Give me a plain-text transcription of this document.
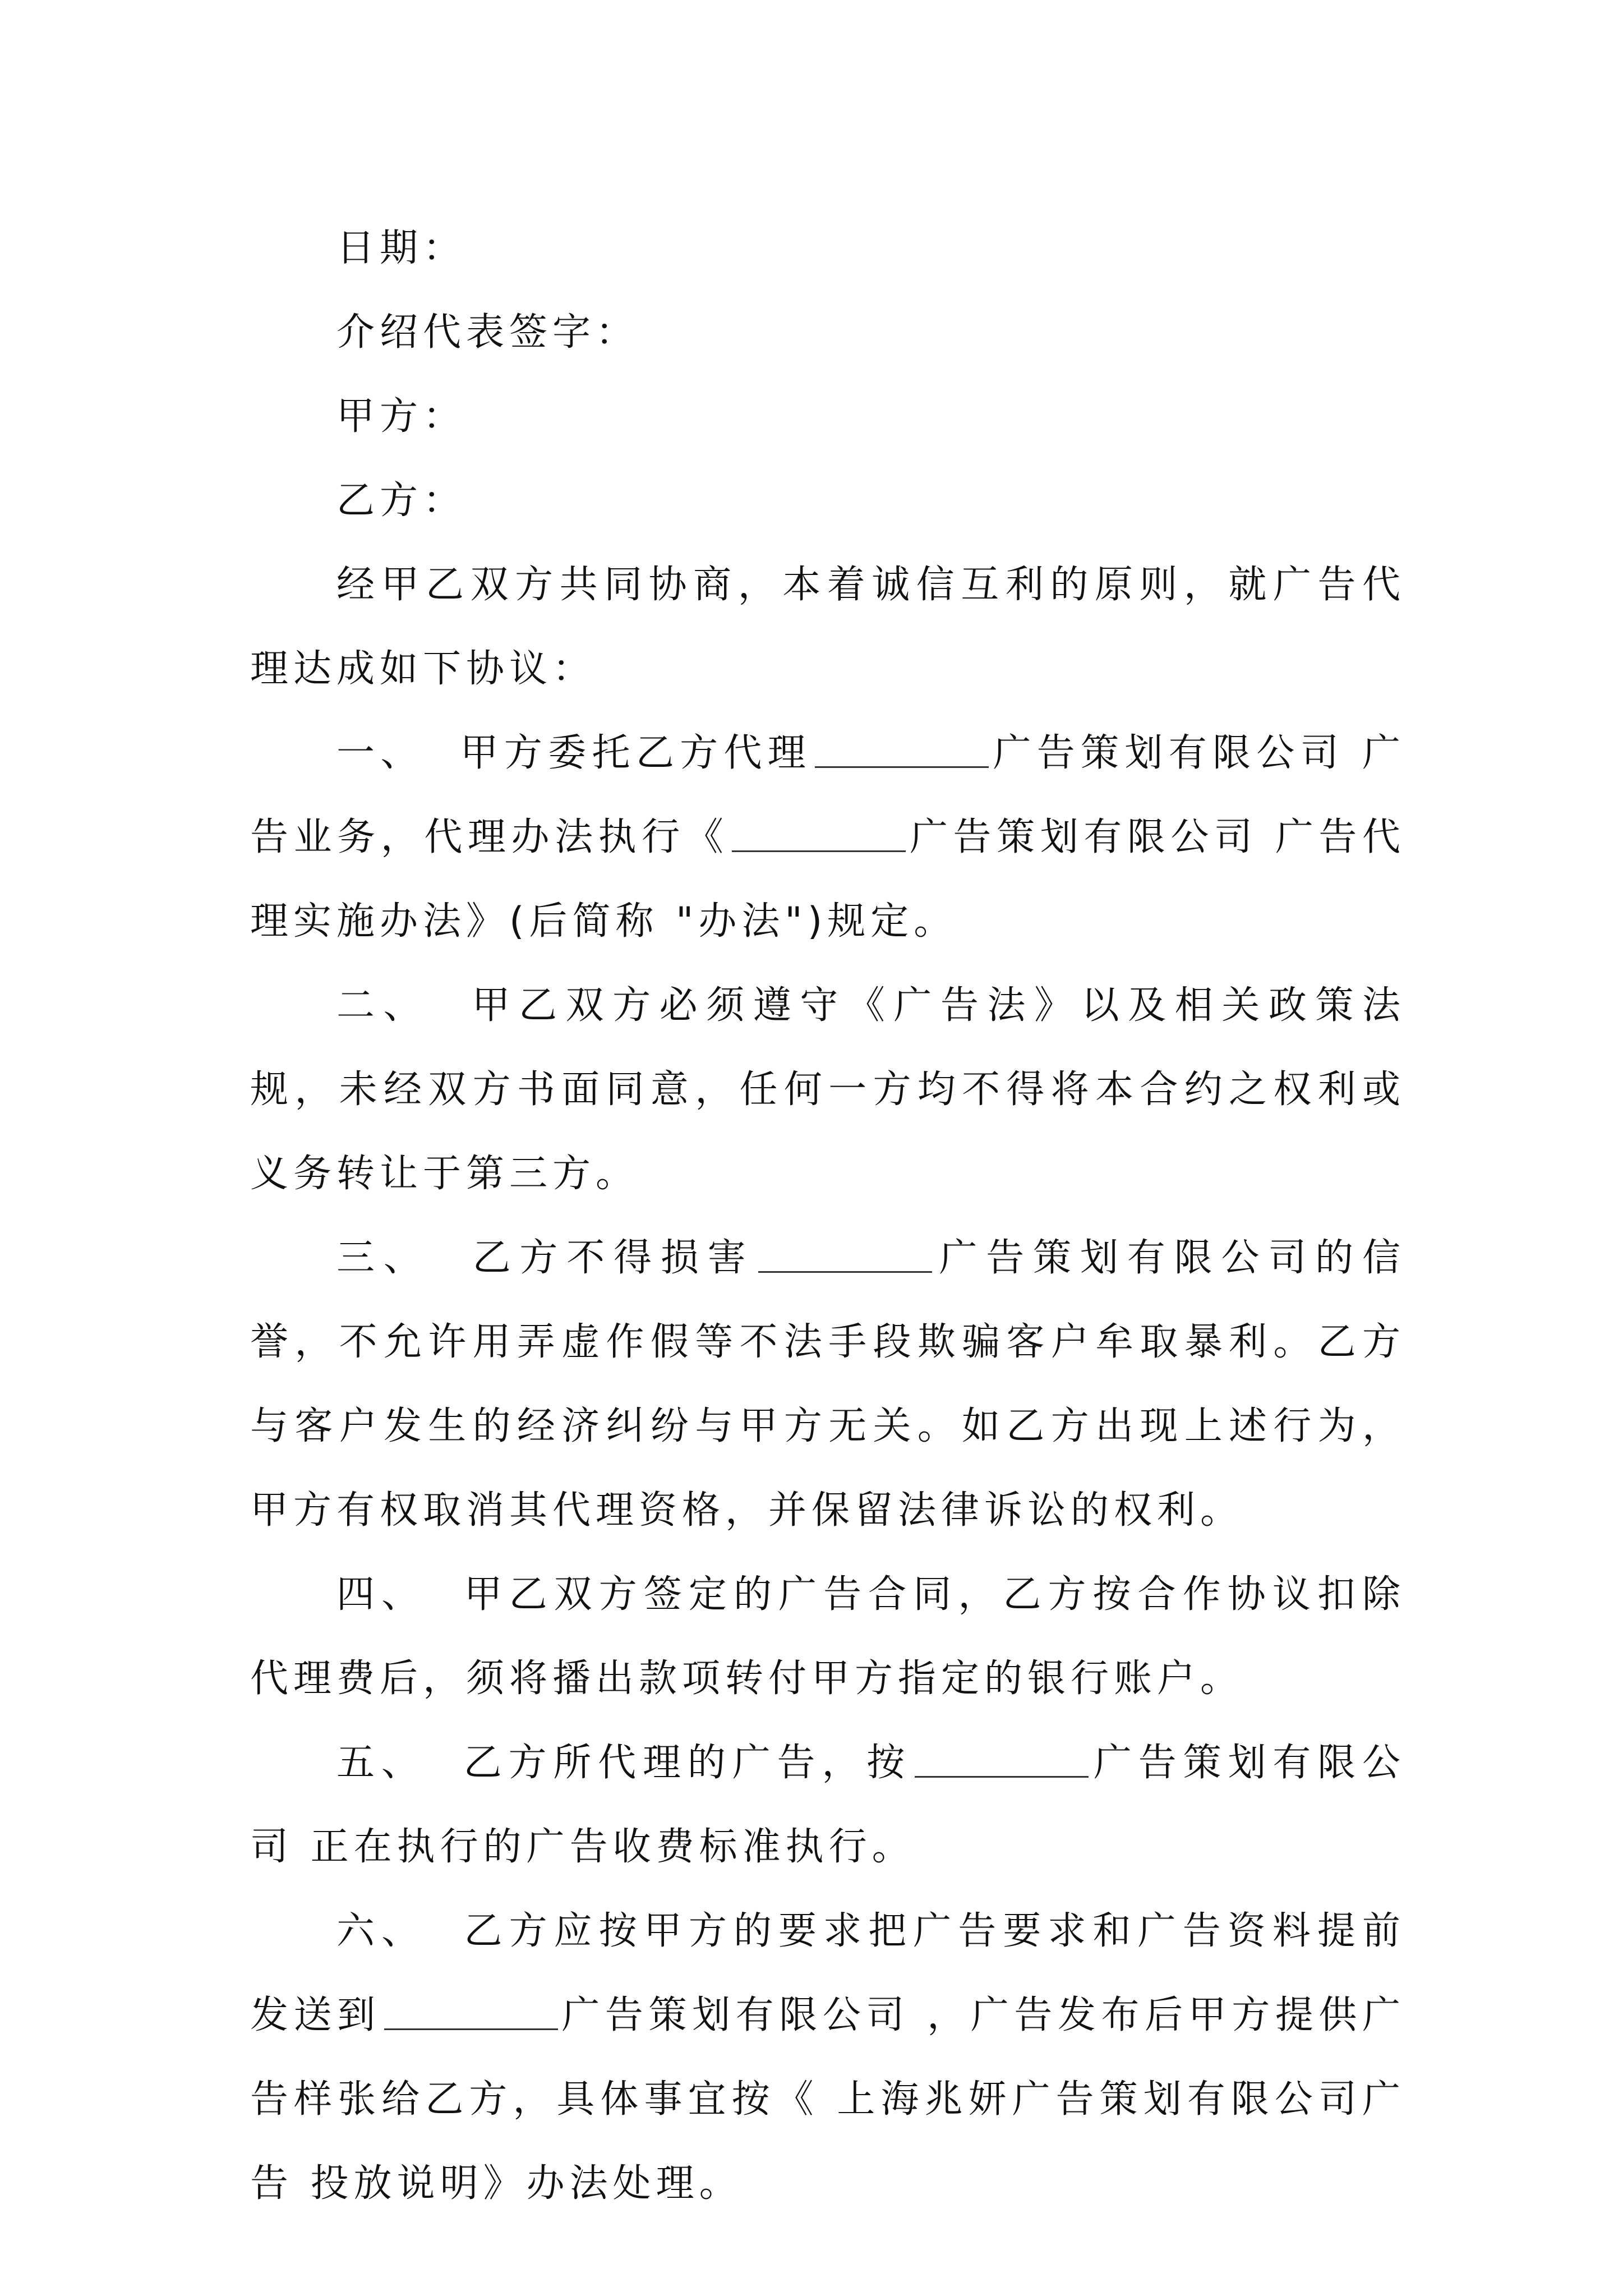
日期：

介绍代表签字：

甲方：

乙方：

经甲乙双方共同协商，本着诚信互利的原则，就广告代理达成如下协议：

一、 甲方委托乙方代理	广告策划有限公司 广告业务，代理办法执行《	广告策划有限公司 广告代理实施办法》(后简称 "办法")规定。

二、 甲乙双方必须遵守《广告法》以及相关政策法规，未经双方书面同意，任何一方均不得将本合约之权利或义务转让于第三方。

三、 乙方不得损害	广告策划有限公司的信誉，不允许用弄虚作假等不法手段欺骗客户牟取暴利。乙方与客户发生的经济纠纷与甲方无关。如乙方出现上述行为，甲方有权取消其代理资格，并保留法律诉讼的权利。

四、 甲乙双方签定的广告合同，乙方按合作协议扣除代理费后，须将播出款项转付甲方指定的银行账户。

五、 乙方所代理的广告，按	广告策划有限公司 正在执行的广告收费标准执行。

六、 乙方应按甲方的要求把广告要求和广告资料提前发送到	广告策划有限公司 ，广告发布后甲方提供广告样张给乙方，具体事宜按《 上海兆妍广告策划有限公司广告 投放说明》办法处理。
